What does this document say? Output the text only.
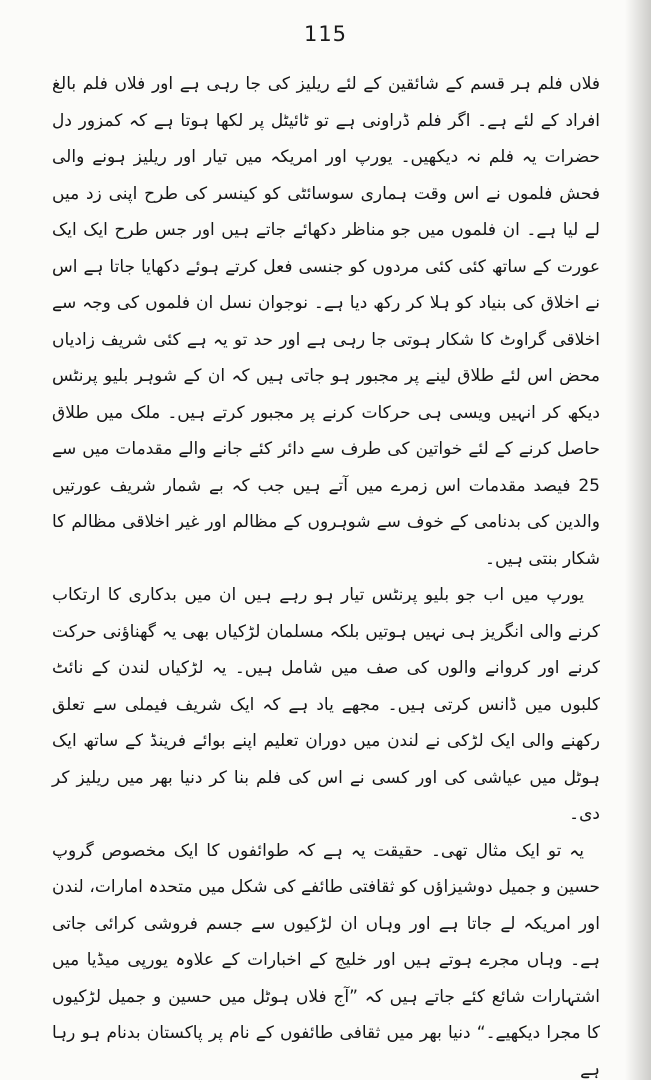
115

فلاں فلم ہر قسم کے شائقین کے لئے ریلیز کی جا رہی ہے اور فلاں فلم بالغ افراد کے لئے ہے۔ اگر فلم ڈراونی ہے تو ٹائیٹل پر لکھا ہوتا ہے کہ کمزور دل حضرات یہ فلم نہ دیکھیں۔ یورپ اور امریکہ میں تیار اور ریلیز ہونے والی فحش فلموں نے اس وقت ہماری سوسائٹی کو کینسر کی طرح اپنی زد میں لے لیا ہے۔ ان فلموں میں جو مناظر دکھائے جاتے ہیں اور جس طرح ایک ایک عورت کے ساتھ کئی کئی مردوں کو جنسی فعل کرتے ہوئے دکھایا جاتا ہے اس نے اخلاق کی بنیاد کو ہلا کر رکھ دیا ہے۔ نوجوان نسل ان فلموں کی وجہ سے اخلاقی گراوٹ کا شکار ہوتی جا رہی ہے اور حد تو یہ ہے کئی شریف زادیاں محض اس لئے طلاق لینے پر مجبور ہو جاتی ہیں کہ ان کے شوہر بلیو پرنٹس دیکھ کر انہیں ویسی ہی حرکات کرنے پر مجبور کرتے ہیں۔ ملک میں طلاق حاصل کرنے کے لئے خواتین کی طرف سے دائر کئے جانے والے مقدمات میں سے 25 فیصد مقدمات اس زمرے میں آتے ہیں جب کہ بے شمار شریف عورتیں والدین کی بدنامی کے خوف سے شوہروں کے مظالم اور غیر اخلاقی مظالم کا شکار بنتی ہیں۔

یورپ میں اب جو بلیو پرنٹس تیار ہو رہے ہیں ان میں بدکاری کا ارتکاب کرنے والی انگریز ہی نہیں ہوتیں بلکہ مسلمان لڑکیاں بھی یہ گھناؤنی حرکت کرنے اور کروانے والوں کی صف میں شامل ہیں۔ یہ لڑکیاں لندن کے نائٹ کلبوں میں ڈانس کرتی ہیں۔ مجھے یاد ہے کہ ایک شریف فیملی سے تعلق رکھنے والی ایک لڑکی نے لندن میں دوران تعلیم اپنے بوائے فرینڈ کے ساتھ ایک ہوٹل میں عیاشی کی اور کسی نے اس کی فلم بنا کر دنیا بھر میں ریلیز کر دی۔

یہ تو ایک مثال تھی۔ حقیقت یہ ہے کہ طوائفوں کا ایک مخصوص گروپ حسین و جمیل دوشیزاؤں کو ثقافتی طائفے کی شکل میں متحدہ امارات، لندن اور امریکہ لے جاتا ہے اور وہاں ان لڑکیوں سے جسم فروشی کرائی جاتی ہے۔ وہاں مجرے ہوتے ہیں اور خلیج کے اخبارات کے علاوہ یورپی میڈیا میں اشتہارات شائع کئے جاتے ہیں کہ ”آج فلاں ہوٹل میں حسین و جمیل لڑکیوں کا مجرا دیکھیے۔“ دنیا بھر میں ثقافی طائفوں کے نام پر پاکستان بدنام ہو رہا ہے
